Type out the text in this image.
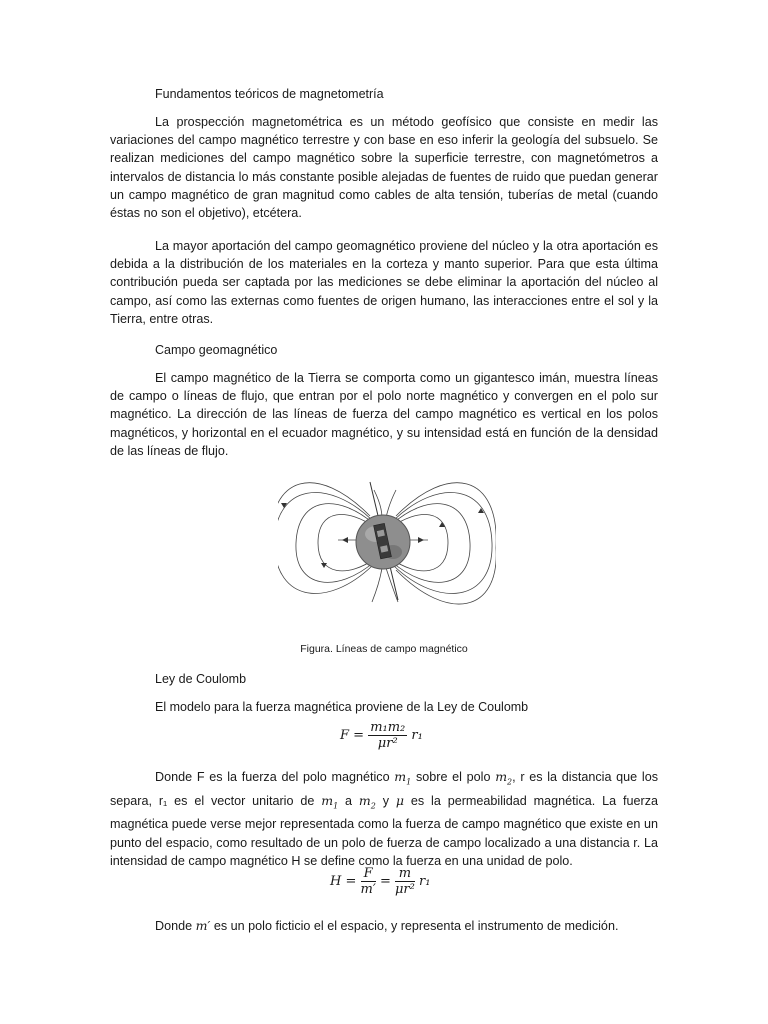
Fundamentos teóricos de magnetometría

La prospección magnetométrica es un método geofísico que consiste en medir las variaciones del campo magnético terrestre y con base en eso inferir la geología del subsuelo. Se realizan mediciones del campo magnético sobre la superficie terrestre, con magnetómetros a intervalos de distancia lo más constante posible alejadas de fuentes de ruido que puedan generar un campo magnético de gran magnitud como cables de alta tensión, tuberías de metal (cuando éstas no son el objetivo), etcétera.

La mayor aportación del campo geomagnético proviene del núcleo y la otra aportación es debida a la distribución de los materiales en la corteza y manto superior. Para que esta última contribución pueda ser captada por las mediciones se debe eliminar la aportación del núcleo al campo, así como las externas como fuentes de origen humano, las interacciones entre el sol y la Tierra, entre otras.

Campo geomagnético

El campo magnético de la Tierra se comporta como un gigantesco imán, muestra líneas de campo o líneas de flujo, que entran por el polo norte magnético y convergen en el polo sur magnético. La dirección de las líneas de fuerza del campo magnético es vertical en los polos magnéticos, y horizontal en el ecuador magnético, y su intensidad está en función de la densidad de las líneas de flujo.

Figura. Líneas de campo magnético
Ley de Coulomb
El modelo para la fuerza magnética proviene de la Ley de Coulomb
$F = \frac{\text{m₁m₂}}{\text{μr²}} r_1$

Donde F es la fuerza del polo magnético $m_1$ sobre el polo $m_2$, r es la distancia que los separa, r₁ es el vector unitario de $m_1$ a $m_2$ y μ es la permeabilidad magnética. La fuerza magnética puede verse mejor representada como la fuerza de campo magnético que existe en un punto del espacio, como resultado de un polo de fuerza de campo localizado a una distancia r. La intensidad de campo magnético H se define como la fuerza en una unidad de polo.

$H = \frac{F}{m'} = \frac{m}{\text{μr²}} r_1$

Donde m′ es un polo ficticio el el espacio, y representa el instrumento de medición.
